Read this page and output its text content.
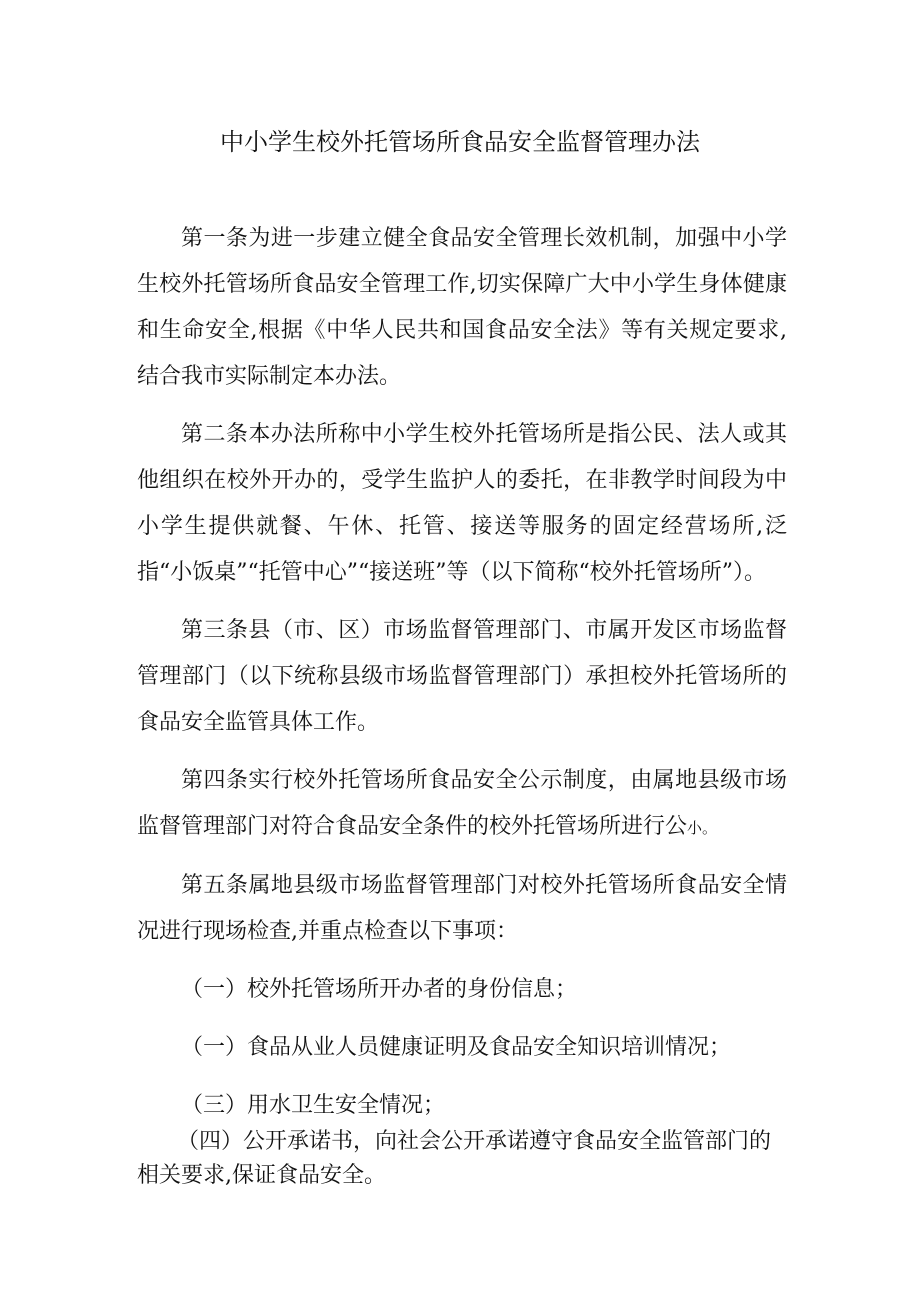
中小学生校外托管场所食品安全监督管理办法

第一条为进一步建立健全食品安全管理长效机制，加强中小学生校外托管场所食品安全管理工作,切实保障广大中小学生身体健康和生命安全,根据《中华人民共和国食品安全法》等有关规定要求,结合我市实际制定本办法。

第二条本办法所称中小学生校外托管场所是指公民、法人或其他组织在校外开办的，受学生监护人的委托，在非教学时间段为中小学生提供就餐、午休、托管、接送等服务的固定经营场所,泛指“小饭桌”“托管中心”“接送班”等（以下简称“校外托管场所”）。

第三条县（市、区）市场监督管理部门、市属开发区市场监督管理部门（以下统称县级市场监督管理部门）承担校外托管场所的食品安全监管具体工作。

第四条实行校外托管场所食品安全公示制度，由属地县级市场监督管理部门对符合食品安全条件的校外托管场所进行公小。

第五条属地县级市场监督管理部门对校外托管场所食品安全情况进行现场检查,并重点检查以下事项：

（一）校外托管场所开办者的身份信息；

（一）食品从业人员健康证明及食品安全知识培训情况；

（三）用水卫生安全情况；

（四）公开承诺书，向社会公开承诺遵守食品安全监管部门的相关要求,保证食品安全。
